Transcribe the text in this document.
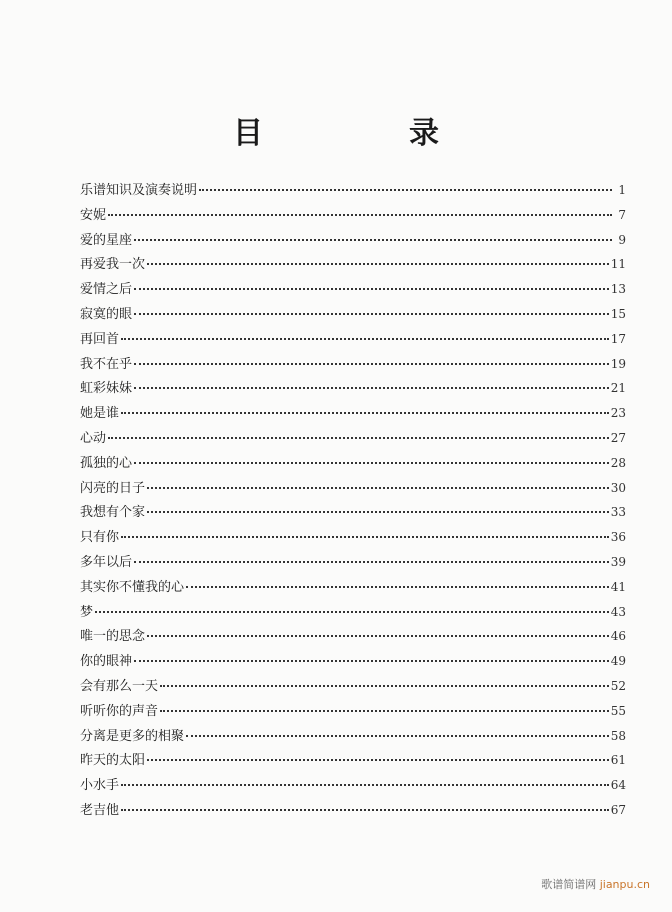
目　录
乐谱知识及演奏说明	1
安妮	7
爱的星座	9
再爱我一次	11
爱情之后	13
寂寞的眼	15
再回首	17
我不在乎	19
虹彩妹妹	21
她是谁	23
心动	27
孤独的心	28
闪亮的日子	30
我想有个家	33
只有你	36
多年以后	39
其实你不懂我的心	41
梦	43
唯一的思念	46
你的眼神	49
会有那么一天	52
听听你的声音	55
分离是更多的相聚	58
昨天的太阳	61
小水手	64
老吉他	67
歌谱简谱网 jianpu.cn
